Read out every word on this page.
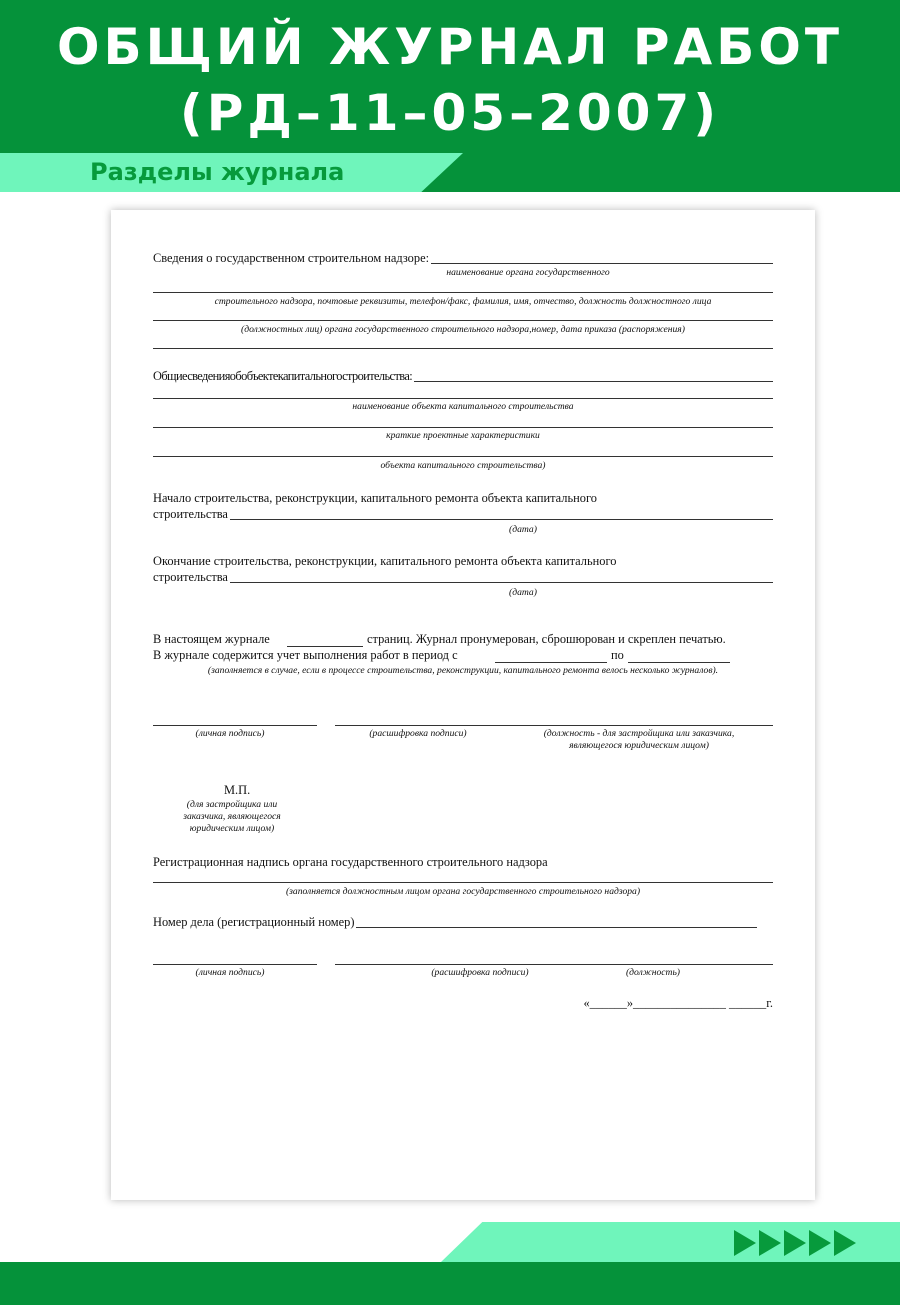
ОБЩИЙ ЖУРНАЛ РАБОТ
(РД–11–05–2007)
Разделы журнала
Сведения о государственном строительном надзоре:
наименование органа государственного
строительного надзора, почтовые реквизиты, телефон/факс, фамилия, имя, отчество, должность должностного лица
(должностных лиц) органа государственного строительного надзора,номер, дата приказа (распоряжения)
Общиесведенияобобъектекапитальногостроительства:
наименование объекта капитального строительства
краткие проектные характеристики
объекта капитального строительства)
Начало строительства, реконструкции, капитального ремонта объекта капитального
строительства
(дата)
Окончание строительства, реконструкции, капитального ремонта объекта капитального
строительства
(дата)
В настоящем журнале	страниц. Журнал пронумерован, сброшюрован и скреплен печатью.
В журнале содержится учет выполнения работ в период с	по
(заполняется в случае, если в процессе строительства, реконструкции, капитального ремонта велось несколько журналов).
(личная подпись)	(расшифровка подписи)	(должность - для застройщика или заказчика, являющегося юридическим лицом)
М.П.
(для застройщика или заказчика, являющегося юридическим лицом)
Регистрационная надпись органа государственного строительного надзора
(заполняется должностным лицом органа государственного строительного надзора)
Номер дела (регистрационный номер)
(личная подпись)	(расшифровка подписи)	(должность)
«______»_______________ ______г.
